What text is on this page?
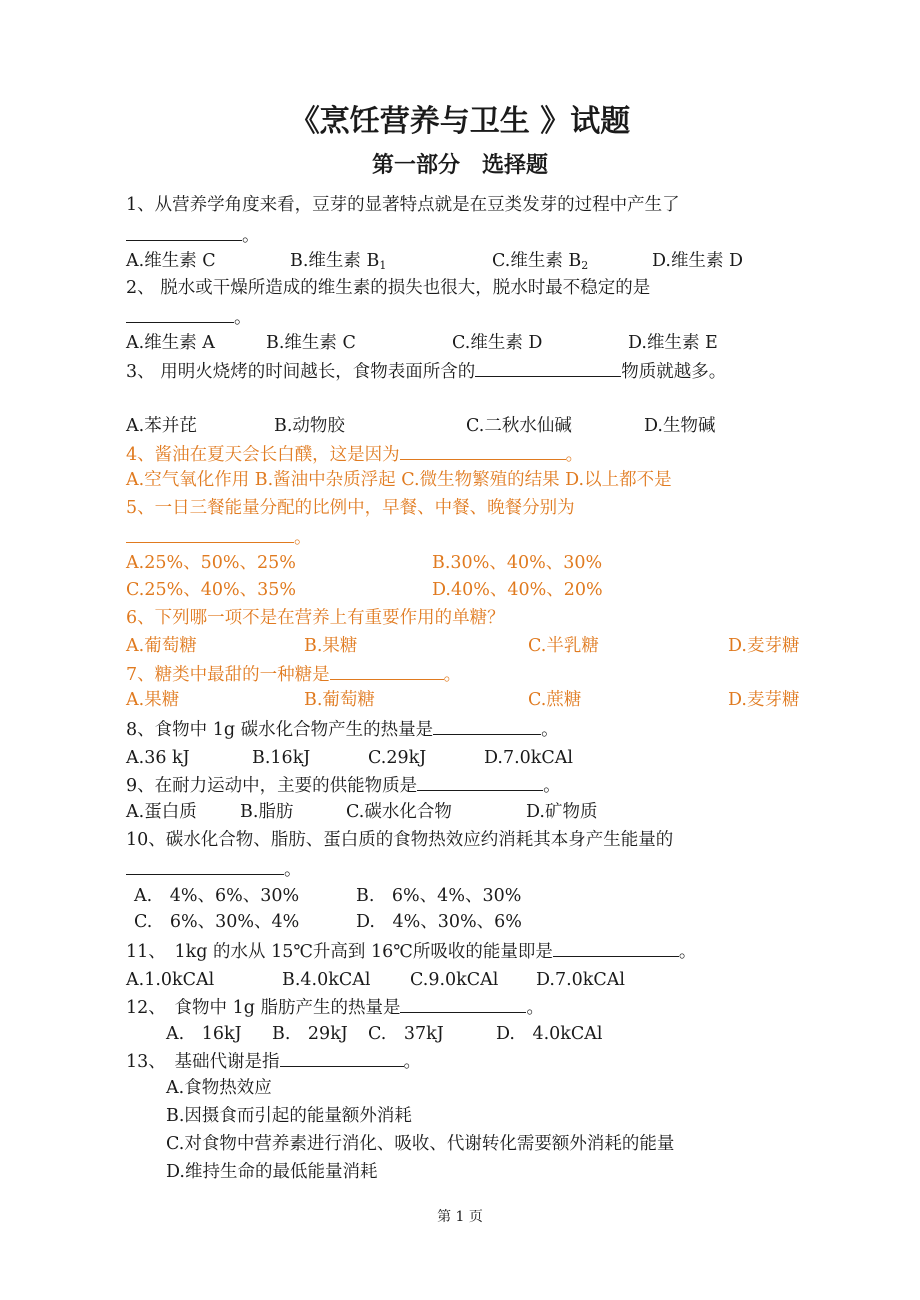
《烹饪营养与卫生 》试题
第一部分　选择题
1、从营养学角度来看，豆芽的显著特点就是在豆类发芽的过程中产生了
。
A.维生素 C	B.维生素 $B_1$	C.维生素 $B_2$	D.维生素 D
2、 脱水或干燥所造成的维生素的损失也很大，脱水时最不稳定的是
。
A.维生素 A	B.维生素 C	C.维生素 D	D.维生素 E
3、 用明火烧烤的时间越长，食物表面所含的	物质就越多。
A.苯并芘	B.动物胶	C.二秋水仙碱	D.生物碱
4、酱油在夏天会长白醭，这是因为	。
A.空气氧化作用 B.酱油中杂质浮起 C.微生物繁殖的结果 D.以上都不是
5、一日三餐能量分配的比例中，早餐、中餐、晚餐分别为
。
A.25%、50%、25%	B.30%、40%、30%
C.25%、40%、35%	D.40%、40%、20%
6、下列哪一项不是在营养上有重要作用的单糖？
A.葡萄糖	B.果糖	C.半乳糖	D.麦芽糖
7、糖类中最甜的一种糖是	。
A.果糖	B.葡萄糖	C.蔗糖	D.麦芽糖
8、食物中 1g 碳水化合物产生的热量是	。
A.36 kJ	B.16kJ	C.29kJ	D.7.0kCAl
9、在耐力运动中，主要的供能物质是	。
A.蛋白质 B.脂肪	C.碳水化合物	D.矿物质
10、碳水化合物、脂肪、蛋白质的食物热效应约消耗其本身产生能量的
。
A.　4%、6%、30%	B.　6%、4%、30%
C.　6%、30%、4%	D.　4%、30%、6%
11、　1kg 的水从 15℃升高到 16℃所吸收的能量即是	。
A.1.0kCAl	B.4.0kCAl C.9.0kCAl D.7.0kCAl
12、　食物中 1g 脂肪产生的热量是	。
A.　16kJ B.　29kJ C.　37kJ	D.　4.0kCAl
13、　基础代谢是指	。
A.食物热效应
B.因摄食而引起的能量额外消耗
C.对食物中营养素进行消化、吸收、代谢转化需要额外消耗的能量
D.维持生命的最低能量消耗
第 1 页
